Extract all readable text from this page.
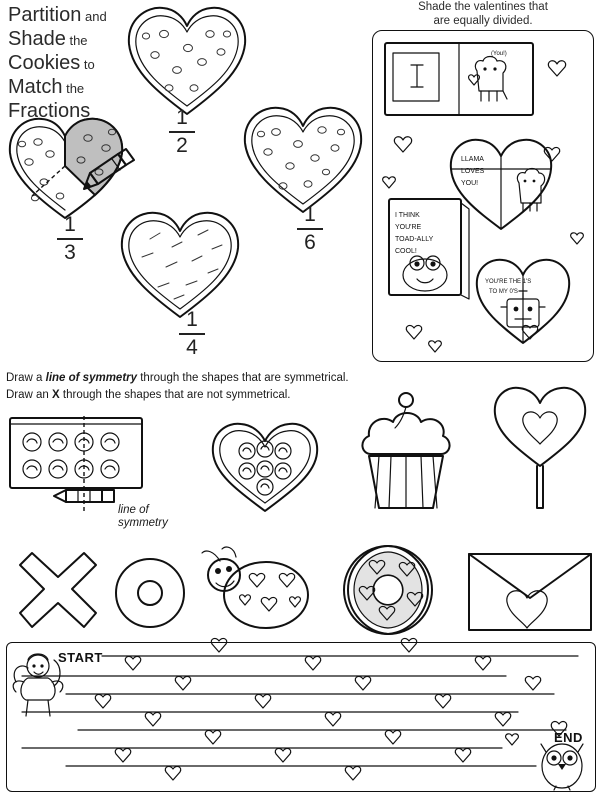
Partition and
Shade the
Cookies to
Match the
Fractions	1
2
1
6
1
3
1
4
Shade the valentines that
are equally divided.
(You!)
LLAMA
LOVES
YOU!
I THINK
YOU'RE
TOAD-ALLY
COOL!
YOU'RE THE 1'S
TO MY 0'S
Draw a line of symmetry through the shapes that are symmetrical.
Draw an X through the shapes that are not symmetrical.
line of
symmetry
START
END
